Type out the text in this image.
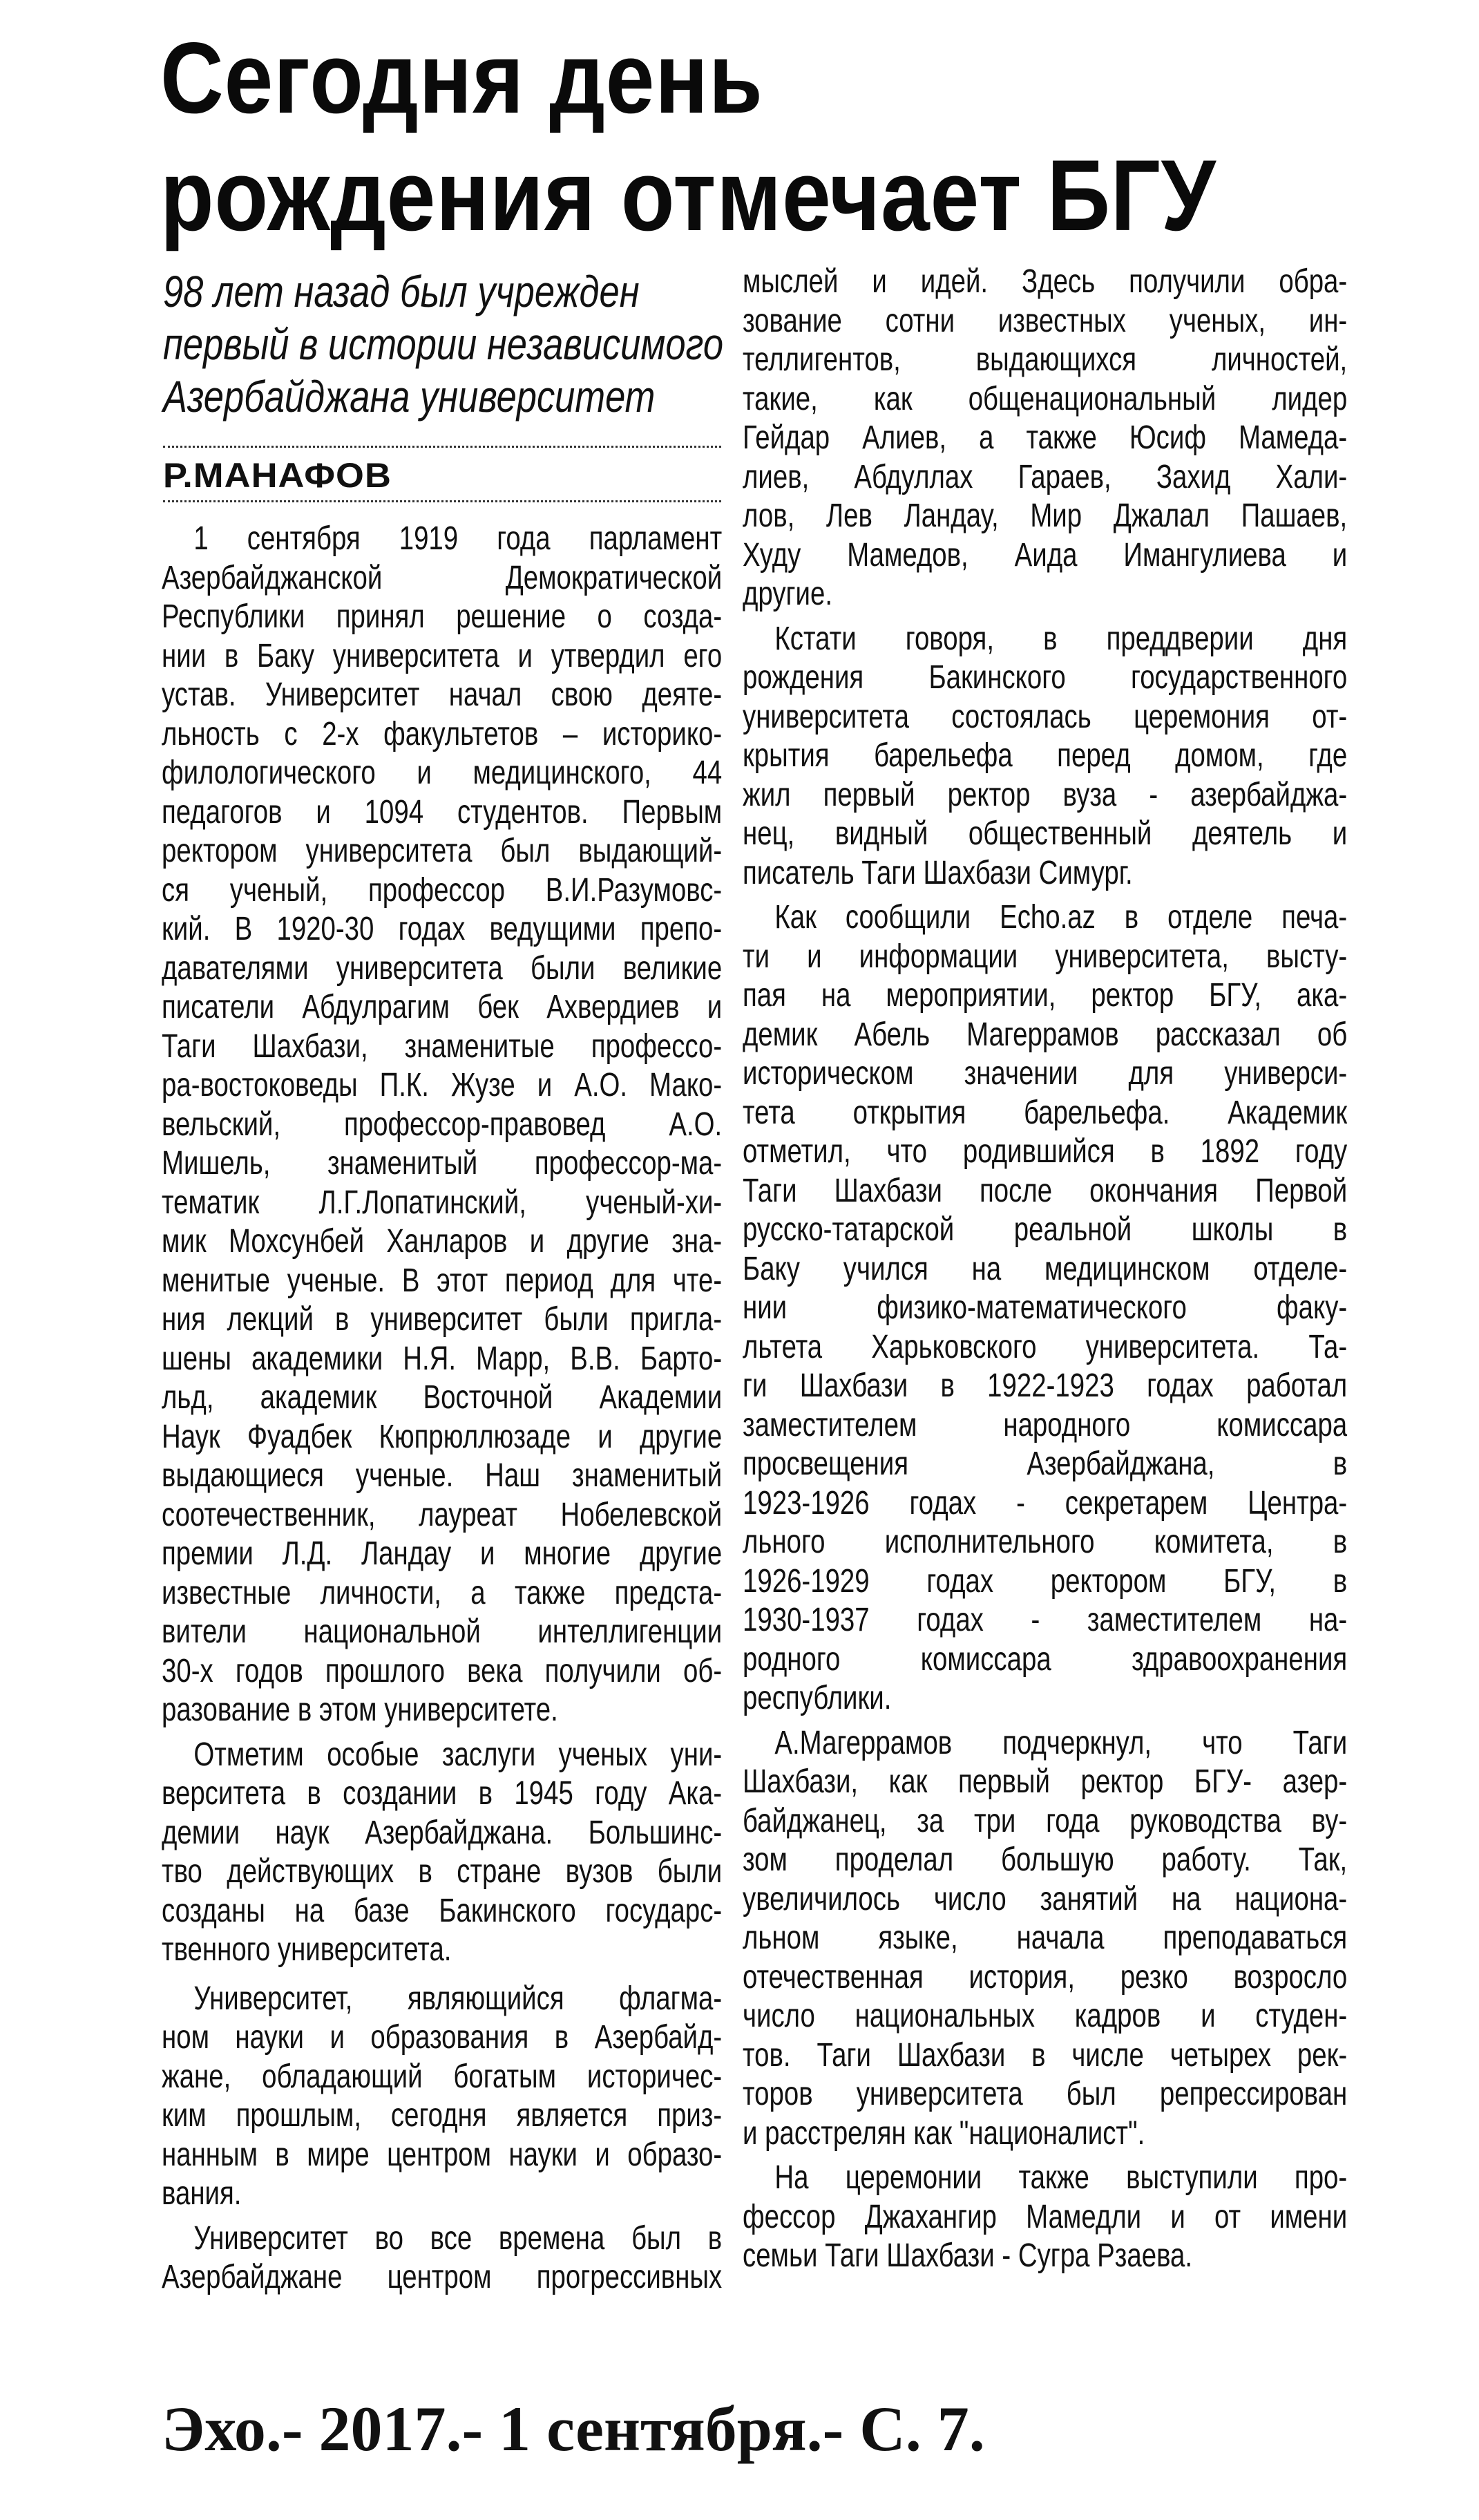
Сегодня день
рождения отмечает БГУ
98 лет назад был учрежден
первый в истории независимого
Азербайджана университет
Р.МАНАФОВ
1 сентября 1919 года парламент
Азербайджанской Демократической
Республики принял решение о созда-
нии в Баку университета и утвердил его
устав. Университет начал свою деяте-
льность с 2-х факультетов – историко-
филологического и медицинского, 44
педагогов и 1094 студентов. Первым
ректором университета был выдающий-
ся ученый, профессор В.И.Разумовс-
кий. В 1920-30 годах ведущими препо-
давателями университета были великие
писатели Абдулрагим бек Ахвердиев и
Таги Шахбази, знаменитые профессо-
ра-востоковеды П.К. Жузе и А.О. Мако-
вельский, профессор-правовед А.О.
Мишель, знаменитый профессор-ма-
тематик Л.Г.Лопатинский, ученый-хи-
мик Мохсунбей Ханларов и другие зна-
менитые ученые. В этот период для чте-
ния лекций в университет были пригла-
шены академики Н.Я. Марр, В.В. Барто-
льд, академик Восточной Академии
Наук Фуадбек Кюпрюллюзаде и другие
выдающиеся ученые. Наш знаменитый
соотечественник, лауреат Нобелевской
премии Л.Д. Ландау и многие другие
известные личности, а также предста-
вители национальной интеллигенции
30-х годов прошлого века получили об-
разование в этом университете.
Отметим особые заслуги ученых уни-
верситета в создании в 1945 году Ака-
демии наук Азербайджана. Большинс-
тво действующих в стране вузов были
созданы на базе Бакинского государс-
твенного университета.
Университет, являющийся флагма-
ном науки и образования в Азербайд-
жане, обладающий богатым историчес-
ким прошлым, сегодня является приз-
нанным в мире центром науки и образо-
вания.
Университет во все времена был в
Азербайджане центром прогрессивных
мыслей и идей. Здесь получили обра-
зование сотни известных ученых, ин-
теллигентов, выдающихся личностей,
такие, как общенациональный лидер
Гейдар Алиев, а также Юсиф Мамеда-
лиев, Абдуллах Гараев, Захид Хали-
лов, Лев Ландау, Мир Джалал Пашаев,
Худу Мамедов, Аида Имангулиева и
другие.
Кстати говоря, в преддверии дня
рождения Бакинского государственного
университета состоялась церемония от-
крытия барельефа перед домом, где
жил первый ректор вуза - азербайджа-
нец, видный общественный деятель и
писатель Таги Шахбази Симург.
Как сообщили Echo.az в отделе печа-
ти и информации университета, высту-
пая на мероприятии, ректор БГУ, ака-
демик Абель Магеррамов рассказал об
историческом значении для универси-
тета открытия барельефа. Академик
отметил, что родившийся в 1892 году
Таги Шахбази после окончания Первой
русско-татарской реальной школы в
Баку учился на медицинском отделе-
нии физико-математического факу-
льтета Харьковского университета. Та-
ги Шахбази в 1922-1923 годах работал
заместителем народного комиссара
просвещения Азербайджана, в
1923-1926 годах - секретарем Центра-
льного исполнительного комитета, в
1926-1929 годах ректором БГУ, в
1930-1937 годах - заместителем на-
родного комиссара здравоохранения
республики.
А.Магеррамов подчеркнул, что Таги
Шахбази, как первый ректор БГУ- азер-
байджанец, за три года руководства ву-
зом проделал большую работу. Так,
увеличилось число занятий на национа-
льном языке, начала преподаваться
отечественная история, резко возросло
число национальных кадров и студен-
тов. Таги Шахбази в числе четырех рек-
торов университета был репрессирован
и расстрелян как "националист".
На церемонии также выступили про-
фессор Джахангир Мамедли и от имени
семьи Таги Шахбази - Сугра Рзаева.
Эхо.- 2017.- 1 сентября.- С. 7.
